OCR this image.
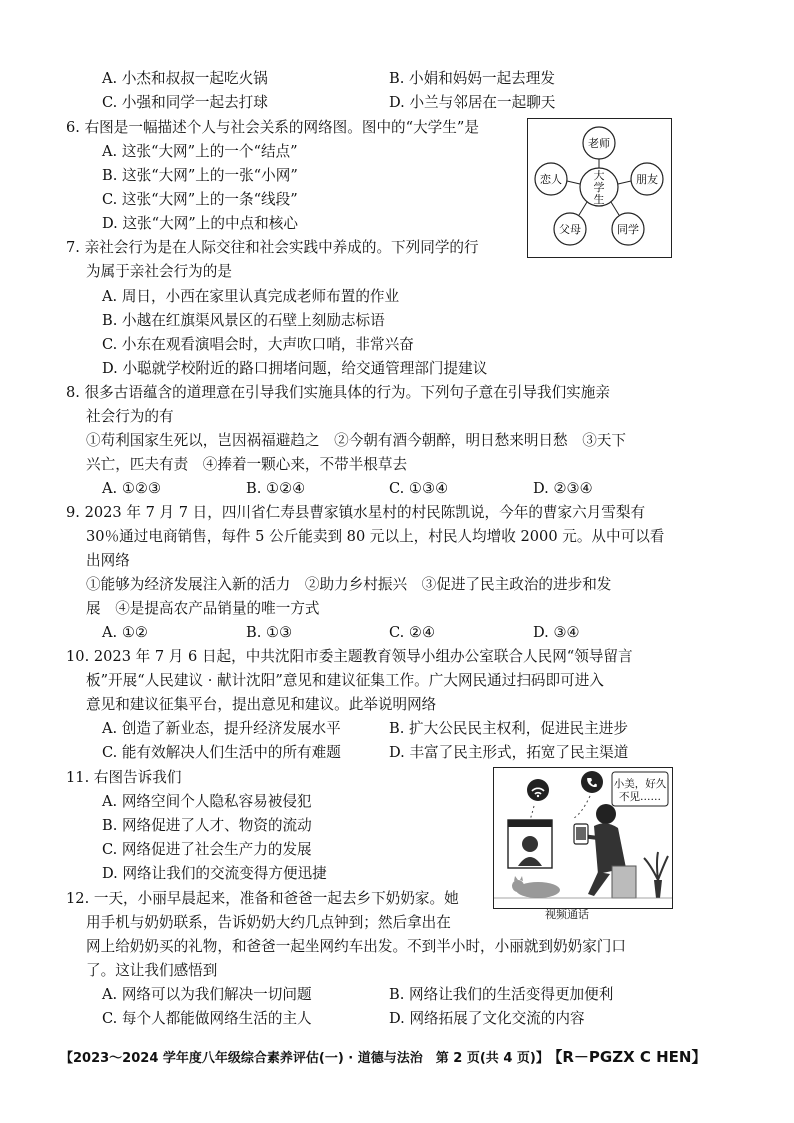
A. 小杰和叔叔一起吃火锅	B. 小娟和妈妈一起去理发
C. 小强和同学一起去打球	D. 小兰与邻居在一起聊天
6. 右图是一幅描述个人与社会关系的网络图。图中的“大学生”是
A. 这张“大网”上的一个“结点”
B. 这张“大网”上的一张“小网”
C. 这张“大网”上的一条“线段”
D. 这张“大网”上的中点和核心
大
学
生
老师
恋人	朋友
父母	同学
7. 亲社会行为是在人际交往和社会实践中养成的。下列同学的行
为属于亲社会行为的是
A. 周日，小西在家里认真完成老师布置的作业
B. 小越在红旗渠风景区的石壁上刻励志标语
C. 小东在观看演唱会时，大声吹口哨，非常兴奋
D. 小聪就学校附近的路口拥堵问题，给交通管理部门提建议
8. 很多古语蕴含的道理意在引导我们实施具体的行为。下列句子意在引导我们实施亲
社会行为的有
①苟利国家生死以，岂因祸福避趋之　②今朝有酒今朝醉，明日愁来明日愁　③天下
兴亡，匹夫有责　④捧着一颗心来，不带半根草去
A. ①②③	B. ①②④	C. ①③④	D. ②③④
9. 2023 年 7 月 7 日，四川省仁寿县曹家镇水星村的村民陈凯说，今年的曹家六月雪梨有
30％通过电商销售，每件 5 公斤能卖到 80 元以上，村民人均增收 2000 元。从中可以看
出网络
①能够为经济发展注入新的活力　②助力乡村振兴　③促进了民主政治的进步和发
展　④是提高农产品销量的唯一方式
A. ①②	B. ①③	C. ②④	D. ③④
10. 2023 年 7 月 6 日起，中共沈阳市委主题教育领导小组办公室联合人民网“领导留言
板”开展“人民建议 · 献计沈阳”意见和建议征集工作。广大网民通过扫码即可进入
意见和建议征集平台，提出意见和建议。此举说明网络
A. 创造了新业态，提升经济发展水平	B. 扩大公民民主权利，促进民主进步
C. 能有效解决人们生活中的所有难题	D. 丰富了民主形式，拓宽了民主渠道
11. 右图告诉我们
A. 网络空间个人隐私容易被侵犯
B. 网络促进了人才、物资的流动
C. 网络促进了社会生产力的发展
D. 网络让我们的交流变得方便迅捷
小美，好久
不见……
视频通话
12. 一天，小丽早晨起来，准备和爸爸一起去乡下奶奶家。她
用手机与奶奶联系，告诉奶奶大约几点钟到；然后拿出在
网上给奶奶买的礼物，和爸爸一起坐网约车出发。不到半小时，小丽就到奶奶家门口
了。这让我们感悟到
A. 网络可以为我们解决一切问题	B. 网络让我们的生活变得更加便利
C. 每个人都能做网络生活的主人	D. 网络拓展了文化交流的内容
【2023～2024 学年度八年级综合素养评估(一) · 道德与法治　第 2 页(共 4 页)】 【R－PGZX C HEN】
